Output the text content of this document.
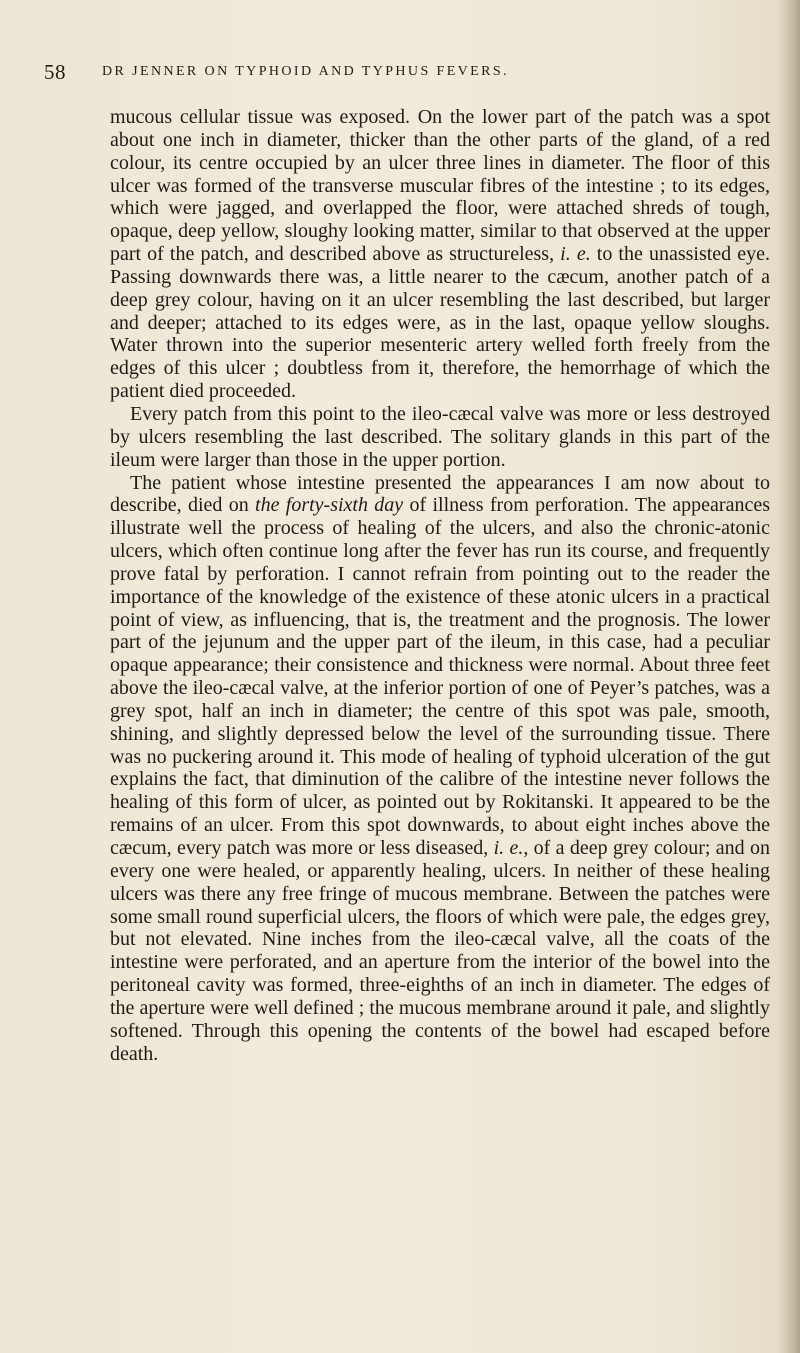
58	DR JENNER ON TYPHOID AND TYPHUS FEVERS.

mucous cellular tissue was exposed. On the lower part of the patch was a spot about one inch in diameter, thicker than the other parts of the gland, of a red colour, its centre occupied by an ulcer three lines in diameter. The floor of this ulcer was formed of the transverse muscular fibres of the intestine ; to its edges, which were jagged, and overlapped the floor, were attached shreds of tough, opaque, deep yellow, sloughy looking matter, similar to that observed at the upper part of the patch, and described above as structureless, i. e. to the unassisted eye. Passing downwards there was, a little nearer to the cæcum, another patch of a deep grey colour, having on it an ulcer resembling the last described, but larger and deeper; attached to its edges were, as in the last, opaque yellow sloughs. Water thrown into the superior mesenteric artery welled forth freely from the edges of this ulcer ; doubtless from it, therefore, the hemorrhage of which the patient died proceeded.

Every patch from this point to the ileo-cæcal valve was more or less destroyed by ulcers resembling the last described. The solitary glands in this part of the ileum were larger than those in the upper portion.

The patient whose intestine presented the appearances I am now about to describe, died on the forty-sixth day of illness from perforation. The appearances illustrate well the process of healing of the ulcers, and also the chronic-atonic ulcers, which often continue long after the fever has run its course, and frequently prove fatal by perforation. I cannot refrain from pointing out to the reader the importance of the knowledge of the existence of these atonic ulcers in a practical point of view, as influencing, that is, the treatment and the prognosis. The lower part of the jejunum and the upper part of the ileum, in this case, had a peculiar opaque appearance; their consistence and thickness were normal. About three feet above the ileo-cæcal valve, at the inferior portion of one of Peyer’s patches, was a grey spot, half an inch in diameter; the centre of this spot was pale, smooth, shining, and slightly depressed below the level of the surrounding tissue. There was no puckering around it. This mode of healing of typhoid ulceration of the gut explains the fact, that diminution of the calibre of the intestine never follows the healing of this form of ulcer, as pointed out by Rokitanski. It appeared to be the remains of an ulcer. From this spot downwards, to about eight inches above the cæcum, every patch was more or less diseased, i. e., of a deep grey colour; and on every one were healed, or apparently healing, ulcers. In neither of these healing ulcers was there any free fringe of mucous membrane. Between the patches were some small round superficial ulcers, the floors of which were pale, the edges grey, but not elevated. Nine inches from the ileo-cæcal valve, all the coats of the intestine were perforated, and an aperture from the interior of the bowel into the peritoneal cavity was formed, three-eighths of an inch in diameter. The edges of the aperture were well defined ; the mucous membrane around it pale, and slightly softened. Through this opening the contents of the bowel had escaped before death.
